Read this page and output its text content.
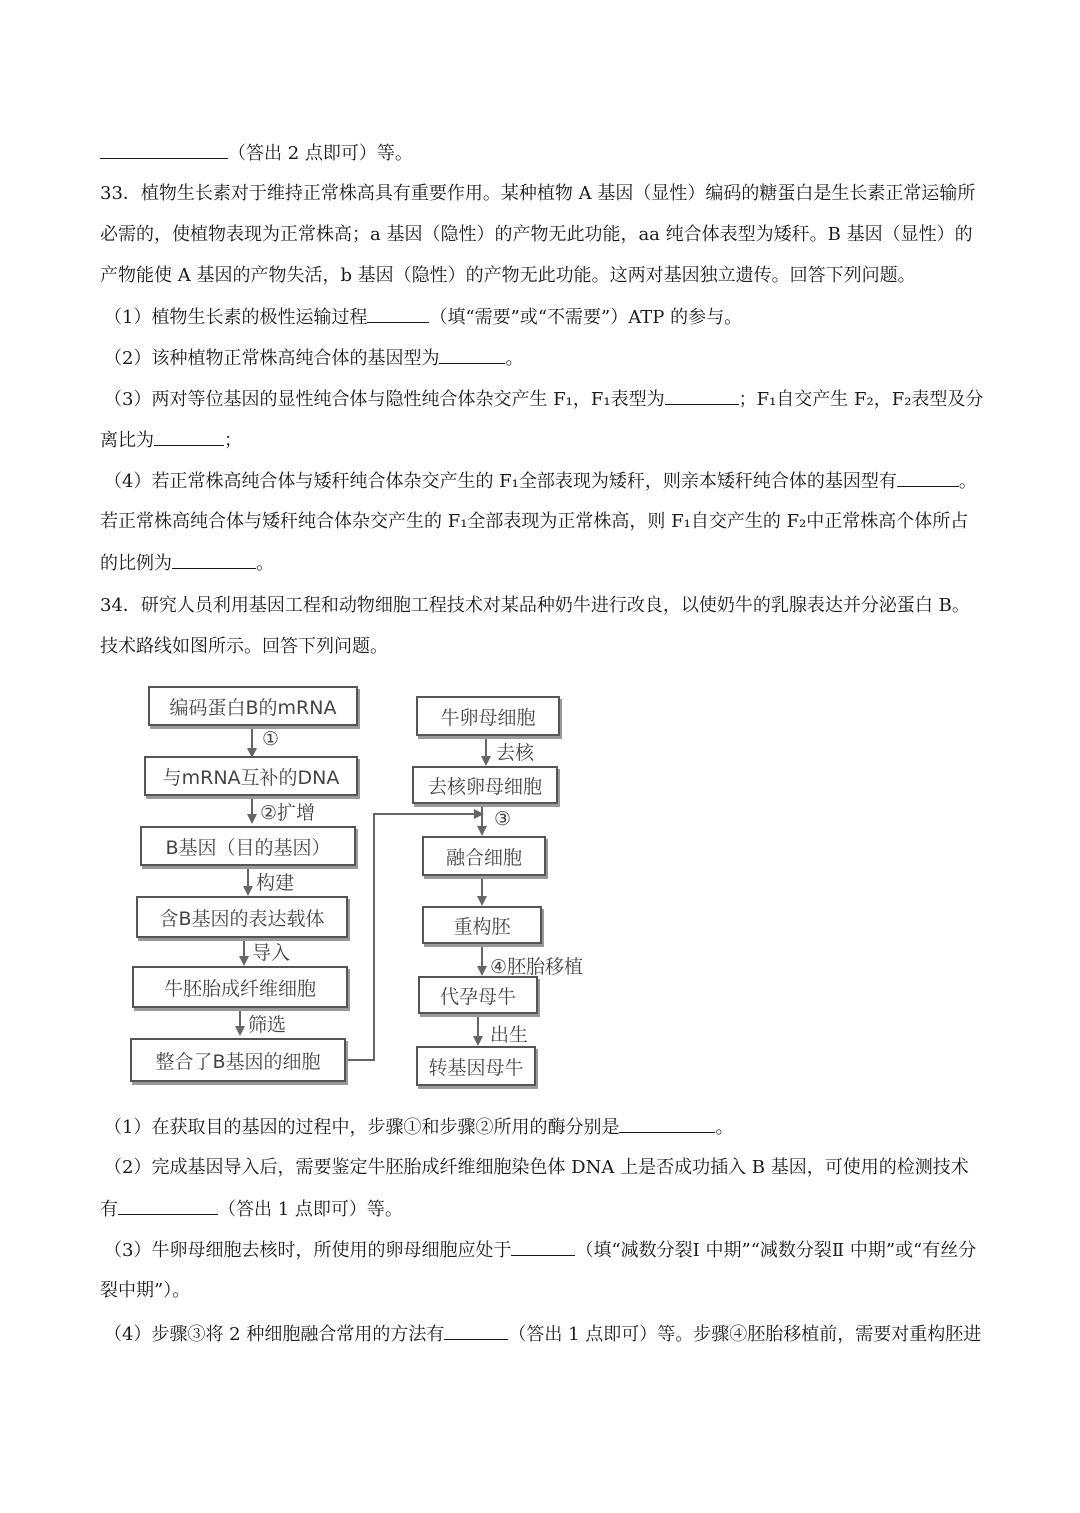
（答出 2 点即可）等。
33．植物生长素对于维持正常株高具有重要作用。某种植物 A 基因（显性）编码的糖蛋白是生长素正常运输所
必需的，使植物表现为正常株高；a 基因（隐性）的产物无此功能，aa 纯合体表型为矮秆。B 基因（显性）的
产物能使 A 基因的产物失活，b 基因（隐性）的产物无此功能。这两对基因独立遗传。回答下列问题。
（1）植物生长素的极性运输过程	（填“需要”或“不需要”）ATP 的参与。
（2）该种植物正常株高纯合体的基因型为	。
（3）两对等位基因的显性纯合体与隐性纯合体杂交产生 F₁，F₁表型为	；F₁自交产生 F₂，F₂表型及分
离比为	；
（4）若正常株高纯合体与矮秆纯合体杂交产生的 F₁全部表现为矮秆，则亲本矮秆纯合体的基因型有	。
若正常株高纯合体与矮秆纯合体杂交产生的 F₁全部表现为正常株高，则 F₁自交产生的 F₂中正常株高个体所占
的比例为	。
34．研究人员利用基因工程和动物细胞工程技术对某品种奶牛进行改良，以使奶牛的乳腺表达并分泌蛋白 B。
技术路线如图所示。回答下列问题。
编码蛋白B的mRNA
与mRNA互补的DNA
B基因（目的基因）
含B基因的表达载体
牛胚胎成纤维细胞
整合了B基因的细胞
①
②扩增
构建
导入
筛选
牛卵母细胞
去核卵母细胞
融合细胞
重构胚
代孕母牛
转基因母牛
去核
③
④胚胎移植
出生
（1）在获取目的基因的过程中，步骤①和步骤②所用的酶分别是	。
（2）完成基因导入后，需要鉴定牛胚胎成纤维细胞染色体 DNA 上是否成功插入 B 基因，可使用的检测技术
有	（答出 1 点即可）等。
（3）牛卵母细胞去核时，所使用的卵母细胞应处于	（填“减数分裂Ⅰ 中期”“减数分裂Ⅱ 中期”或“有丝分
裂中期”）。
（4）步骤③将 2 种细胞融合常用的方法有	（答出 1 点即可）等。步骤④胚胎移植前，需要对重构胚进
